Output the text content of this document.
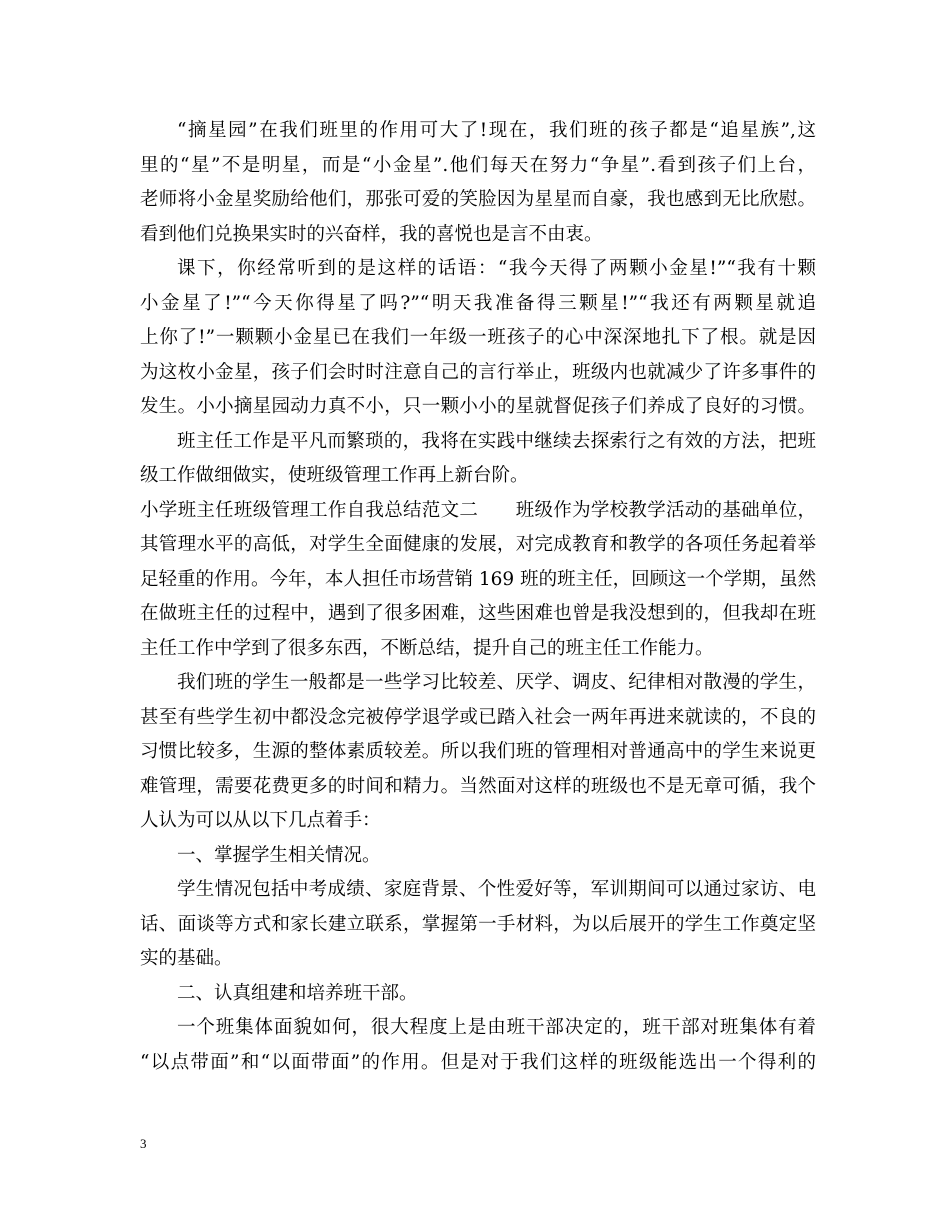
“摘星园”在我们班里的作用可大了!现在，我们班的孩子都是“追星族”,这
里的“星”不是明星，而是“小金星”.他们每天在努力“争星”.看到孩子们上台，
老师将小金星奖励给他们，那张可爱的笑脸因为星星而自豪，我也感到无比欣慰。
看到他们兑换果实时的兴奋样，我的喜悦也是言不由衷。
课下，你经常听到的是这样的话语：“我今天得了两颗小金星!”“我有十颗
小金星了!”“今天你得星了吗?”“明天我准备得三颗星!”“我还有两颗星就追
上你了!”一颗颗小金星已在我们一年级一班孩子的心中深深地扎下了根。就是因
为这枚小金星，孩子们会时时注意自己的言行举止，班级内也就减少了许多事件的
发生。小小摘星园动力真不小，只一颗小小的星就督促孩子们养成了良好的习惯。
班主任工作是平凡而繁琐的，我将在实践中继续去探索行之有效的方法，把班
级工作做细做实，使班级管理工作再上新台阶。
小学班主任班级管理工作自我总结范文二　　班级作为学校教学活动的基础单位，
其管理水平的高低，对学生全面健康的发展，对完成教育和教学的各项任务起着举
足轻重的作用。今年，本人担任市场营销 169 班的班主任，回顾这一个学期，虽然
在做班主任的过程中，遇到了很多困难，这些困难也曾是我没想到的，但我却在班
主任工作中学到了很多东西，不断总结，提升自己的班主任工作能力。
我们班的学生一般都是一些学习比较差、厌学、调皮、纪律相对散漫的学生，
甚至有些学生初中都没念完被停学退学或已踏入社会一两年再进来就读的，不良的
习惯比较多，生源的整体素质较差。所以我们班的管理相对普通高中的学生来说更
难管理，需要花费更多的时间和精力。当然面对这样的班级也不是无章可循，我个
人认为可以从以下几点着手：
一、掌握学生相关情况。
学生情况包括中考成绩、家庭背景、个性爱好等，军训期间可以通过家访、电
话、面谈等方式和家长建立联系，掌握第一手材料，为以后展开的学生工作奠定坚
实的基础。
二、认真组建和培养班干部。
一个班集体面貌如何，很大程度上是由班干部决定的，班干部对班集体有着
“以点带面”和“以面带面”的作用。但是对于我们这样的班级能选出一个得利的
3
